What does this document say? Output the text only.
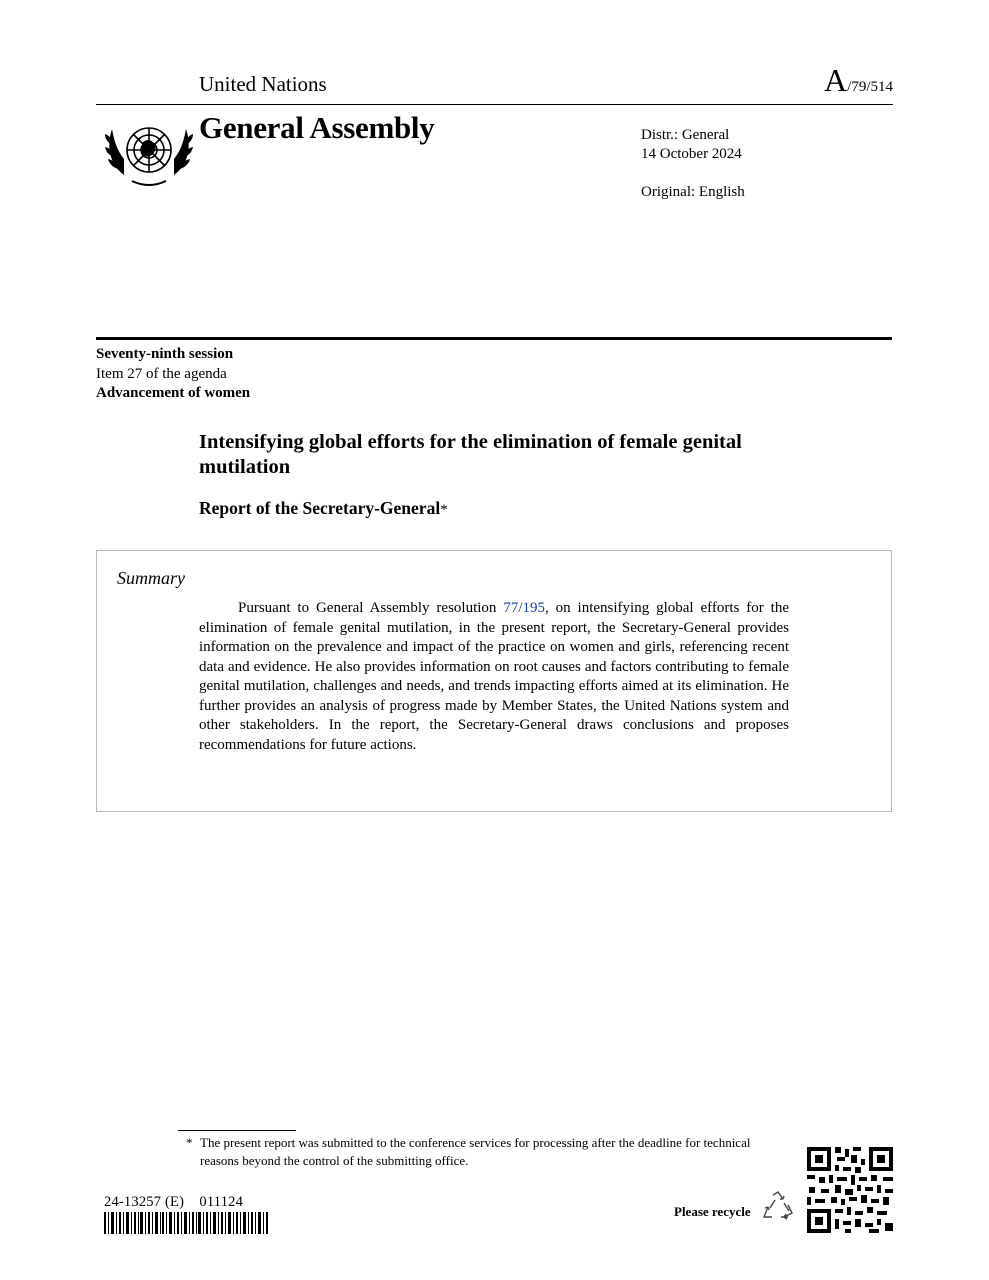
United Nations	A/79/514
General Assembly	Distr.: General
14 October 2024
Original: English
Seventy-ninth session
Item 27 of the agenda
Advancement of women
Intensifying global efforts for the elimination of female genital mutilation
Report of the Secretary-General*
Summary
Pursuant to General Assembly resolution 77/195, on intensifying global efforts for the elimination of female genital mutilation, in the present report, the Secretary-General provides information on the prevalence and impact of the practice on women and girls, referencing recent data and evidence. He also provides information on root causes and factors contributing to female genital mutilation, challenges and needs, and trends impacting efforts aimed at its elimination. He further provides an analysis of progress made by Member States, the United Nations system and other stakeholders. In the report, the Secretary-General draws conclusions and proposes recommendations for future actions.
* The present report was submitted to the conference services for processing after the deadline for technical reasons beyond the control of the submitting office.
24-13257 (E)    011124
Please recycle
